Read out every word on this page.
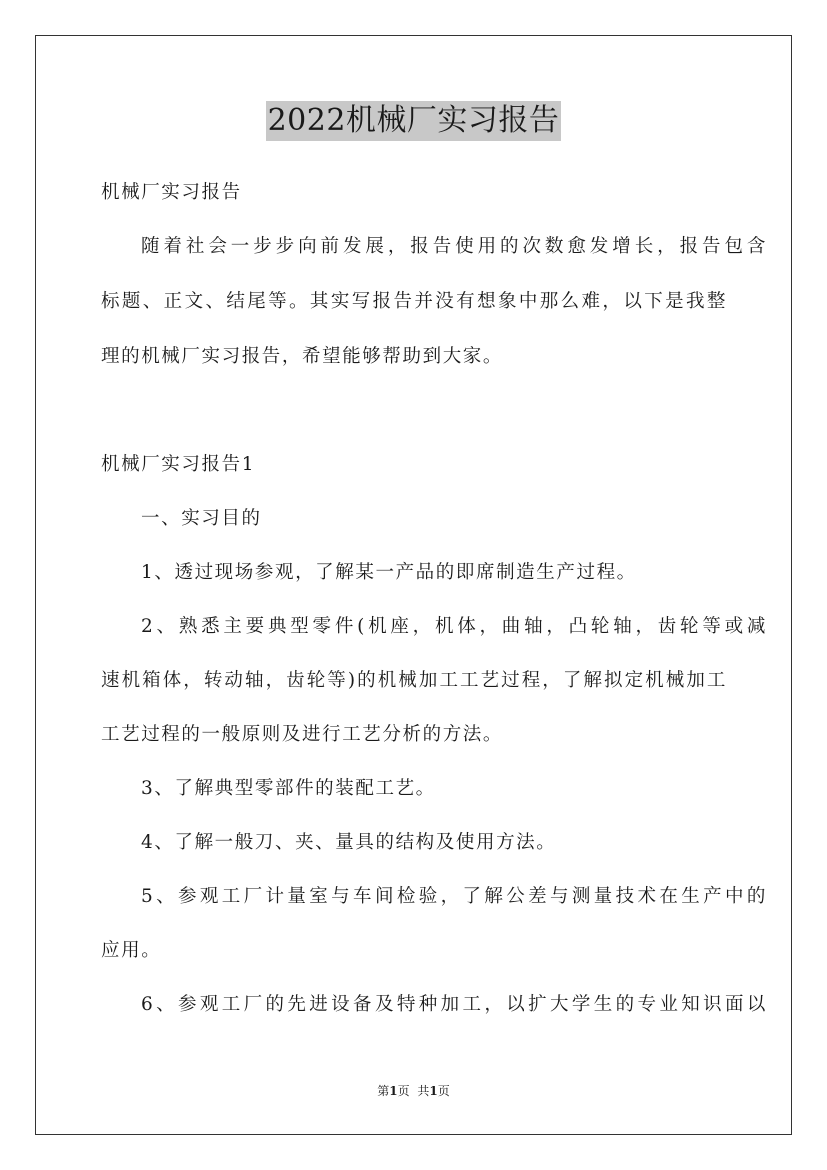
2022机械厂实习报告
机械厂实习报告
随着社会一步步向前发展，报告使用的次数愈发增长，报告包含
标题、正文、结尾等。其实写报告并没有想象中那么难，以下是我整
理的机械厂实习报告，希望能够帮助到大家。
机械厂实习报告1
一、实习目的
1、透过现场参观，了解某一产品的即席制造生产过程。
2、熟悉主要典型零件(机座，机体，曲轴，凸轮轴，齿轮等或减
速机箱体，转动轴，齿轮等)的机械加工工艺过程，了解拟定机械加工
工艺过程的一般原则及进行工艺分析的方法。
3、了解典型零部件的装配工艺。
4、了解一般刀、夹、量具的结构及使用方法。
5、参观工厂计量室与车间检验，了解公差与测量技术在生产中的
应用。
6、参观工厂的先进设备及特种加工，以扩大学生的专业知识面以
第1页 共1页
